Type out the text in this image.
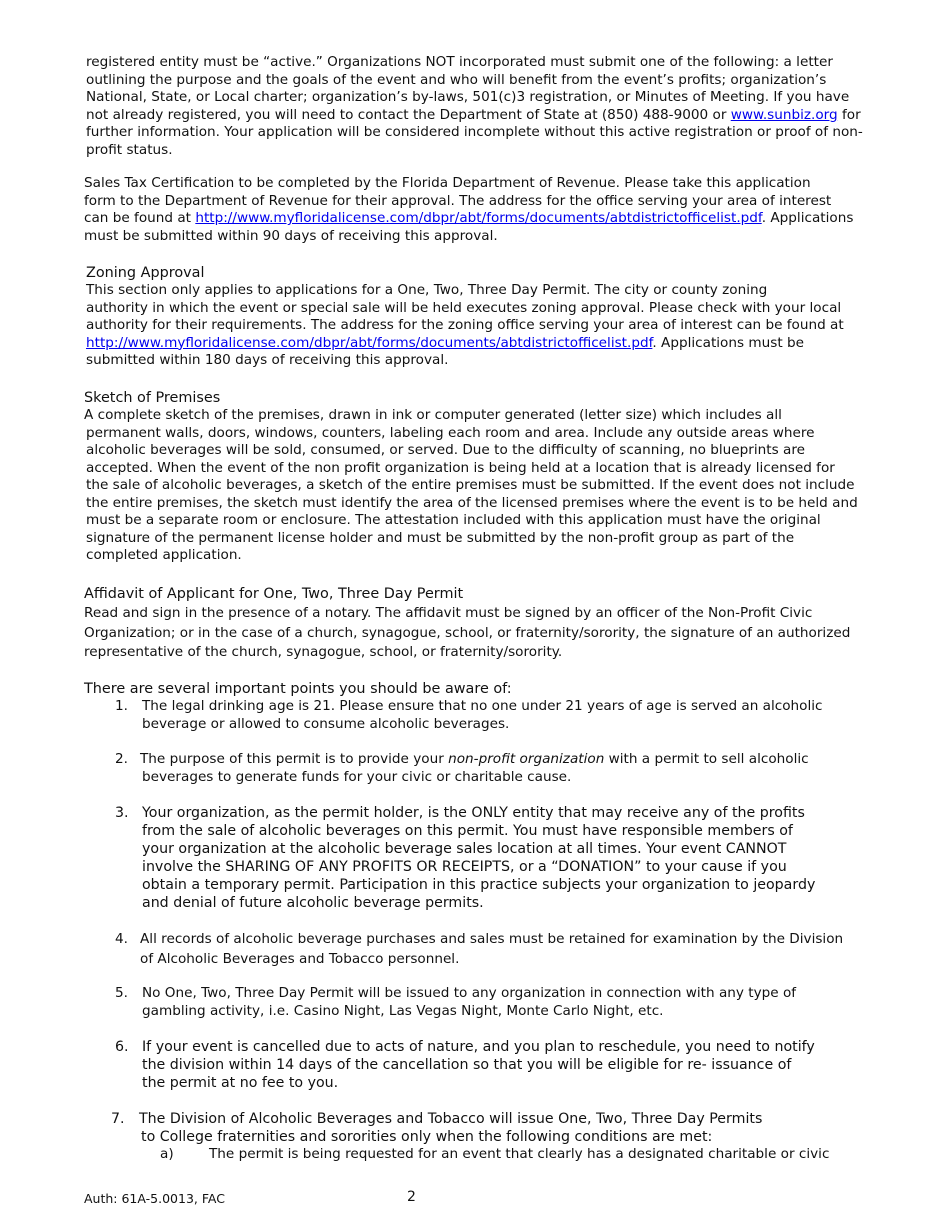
registered entity must be “active.” Organizations NOT incorporated must submit one of the following: a letter
outlining the purpose and the goals of the event and who will benefit from the event’s profits; organization’s
National, State, or Local charter; organization’s by-laws, 501(c)3 registration, or Minutes of Meeting. If you have
not already registered, you will need to contact the Department of State at (850) 488-9000 or www.sunbiz.org for
further information. Your application will be considered incomplete without this active registration or proof of non-
profit status.
Sales Tax Certification to be completed by the Florida Department of Revenue. Please take this application
form to the Department of Revenue for their approval. The address for the office serving your area of interest
can be found at http://www.myfloridalicense.com/dbpr/abt/forms/documents/abtdistrictofficelist.pdf. Applications
must be submitted within 90 days of receiving this approval.
Zoning Approval
This section only applies to applications for a One, Two, Three Day Permit. The city or county zoning
authority in which the event or special sale will be held executes zoning approval. Please check with your local
authority for their requirements. The address for the zoning office serving your area of interest can be found at
http://www.myfloridalicense.com/dbpr/abt/forms/documents/abtdistrictofficelist.pdf. Applications must be
submitted within 180 days of receiving this approval.
Sketch of Premises
A complete sketch of the premises, drawn in ink or computer generated (letter size) which includes all
permanent walls, doors, windows, counters, labeling each room and area. Include any outside areas where
alcoholic beverages will be sold, consumed, or served. Due to the difficulty of scanning, no blueprints are
accepted. When the event of the non profit organization is being held at a location that is already licensed for
the sale of alcoholic beverages, a sketch of the entire premises must be submitted. If the event does not include
the entire premises, the sketch must identify the area of the licensed premises where the event is to be held and
must be a separate room or enclosure. The attestation included with this application must have the original
signature of the permanent license holder and must be submitted by the non-profit group as part of the
completed application.
Affidavit of Applicant for One, Two, Three Day Permit
Read and sign in the presence of a notary. The affidavit must be signed by an officer of the Non-Profit Civic
Organization; or in the case of a church, synagogue, school, or fraternity/sorority, the signature of an authorized
representative of the church, synagogue, school, or fraternity/sorority.
There are several important points you should be aware of:
1. The legal drinking age is 21. Please ensure that no one under 21 years of age is served an alcoholic
beverage or allowed to consume alcoholic beverages.
2. The purpose of this permit is to provide your non-profit organization with a permit to sell alcoholic
beverages to generate funds for your civic or charitable cause.
3. Your organization, as the permit holder, is the ONLY entity that may receive any of the profits
from the sale of alcoholic beverages on this permit. You must have responsible members of
your organization at the alcoholic beverage sales location at all times. Your event CANNOT
involve the SHARING OF ANY PROFITS OR RECEIPTS, or a “DONATION” to your cause if you
obtain a temporary permit. Participation in this practice subjects your organization to jeopardy
and denial of future alcoholic beverage permits.
4. All records of alcoholic beverage purchases and sales must be retained for examination by the Division
of Alcoholic Beverages and Tobacco personnel.
5. No One, Two, Three Day Permit will be issued to any organization in connection with any type of
gambling activity, i.e. Casino Night, Las Vegas Night, Monte Carlo Night, etc.
6. If your event is cancelled due to acts of nature, and you plan to reschedule, you need to notify
the division within 14 days of the cancellation so that you will be eligible for re- issuance of
the permit at no fee to you.
7. The Division of Alcoholic Beverages and Tobacco will issue One, Two, Three Day Permits
to College fraternities and sororities only when the following conditions are met:
a)	The permit is being requested for an event that clearly has a designated charitable or civic
Auth: 61A-5.0013, FAC	2
